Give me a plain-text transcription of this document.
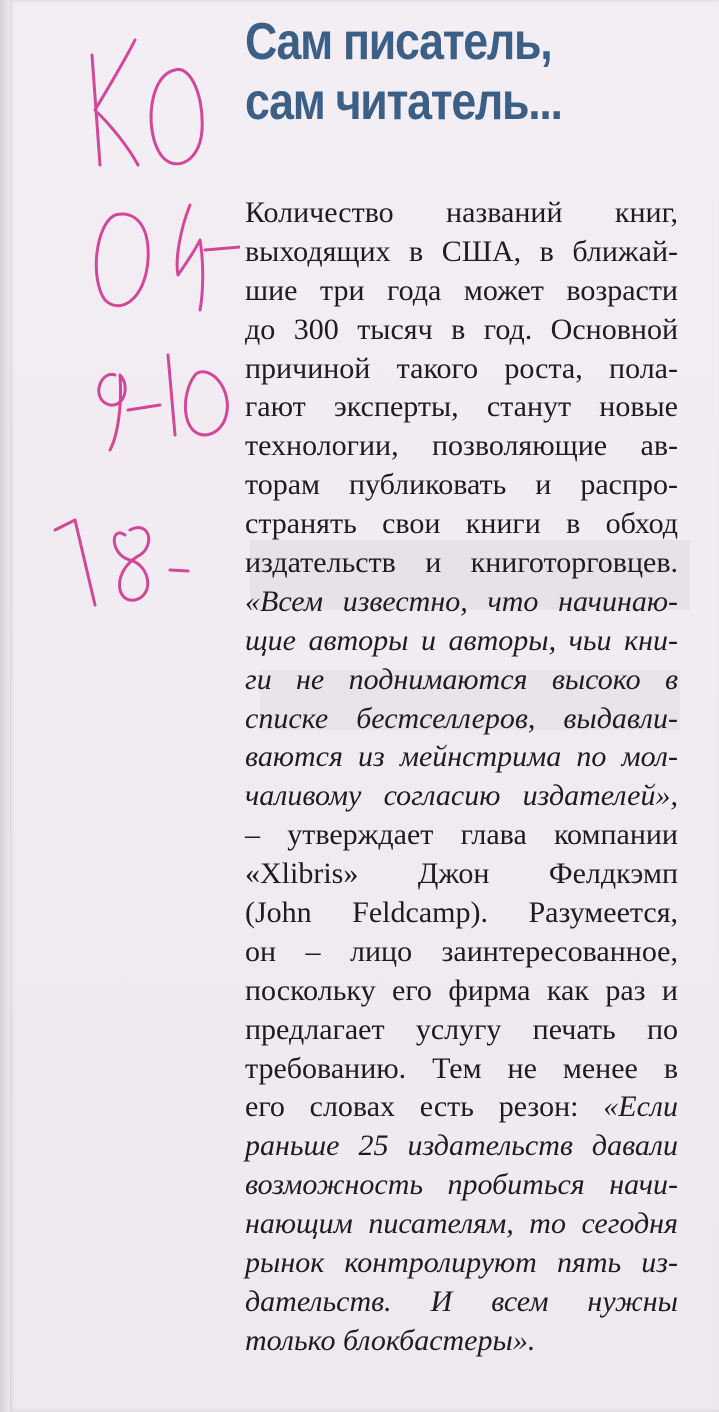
Сам писатель,
сам читатель...
Количество названий книг,
выходящих в США, в ближай-
шие три года может возрасти
до 300 тысяч в год. Основной
причиной такого роста, пола-
гают эксперты, станут новые
технологии, позволяющие ав-
торам публиковать и распро-
странять свои книги в обход
издательств и книготорговцев.
«Всем известно, что начинаю-
щие авторы и авторы, чьи кни-
ги не поднимаются высоко в
списке бестселлеров, выдавли-
ваются из мейнстрима по мол-
чаливому согласию издателей»,
– утверждает глава компании
«Xlibris» Джон Фелдкэмп
(John Feldcamp). Разумеется,
он – лицо заинтересованное,
поскольку его фирма как раз и
предлагает услугу печать по
требованию. Тем не менее в
его словах есть резон: «Если
раньше 25 издательств давали
возможность пробиться начи-
нающим писателям, то сегодня
рынок контролируют пять из-
дательств. И всем нужны
только блокбастеры».
